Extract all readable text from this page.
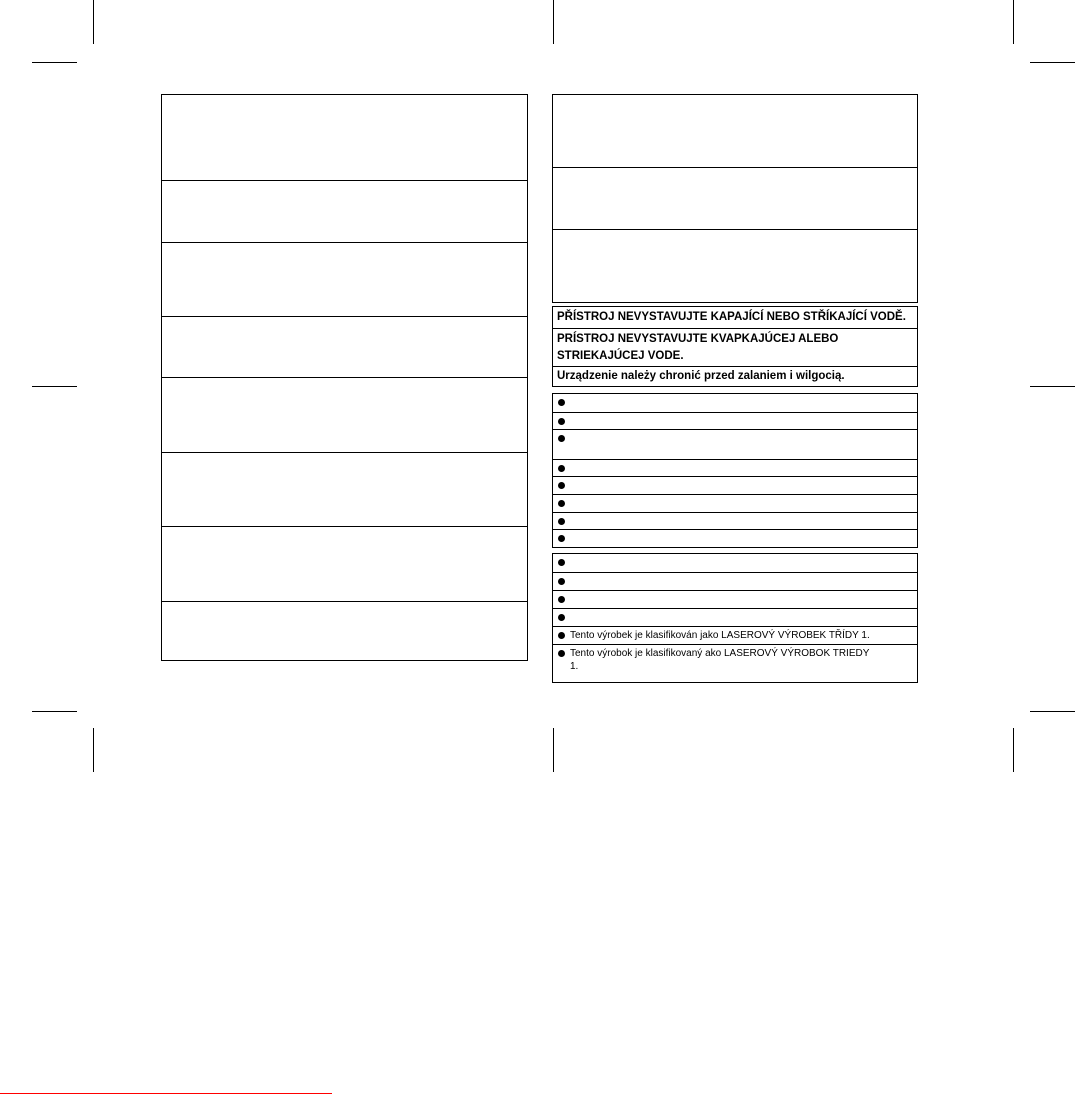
PŘÍSTROJ NEVYSTAVUJTE KAPAJÍCÍ NEBO STŘÍKAJÍCÍ VODĚ.
PRÍSTROJ NEVYSTAVUJTE KVAPKAJÚCEJ ALEBO STRIEKAJÚCEJ VODE.
Urządzenie należy chronić przed zalaniem i wilgocią.
Tento výrobek je klasifikován jako LASEROVÝ VÝROBEK TŘÍDY 1.
Tento výrobok je klasifikovaný ako LASEROVÝ VÝROBOK TRIEDY 1.
